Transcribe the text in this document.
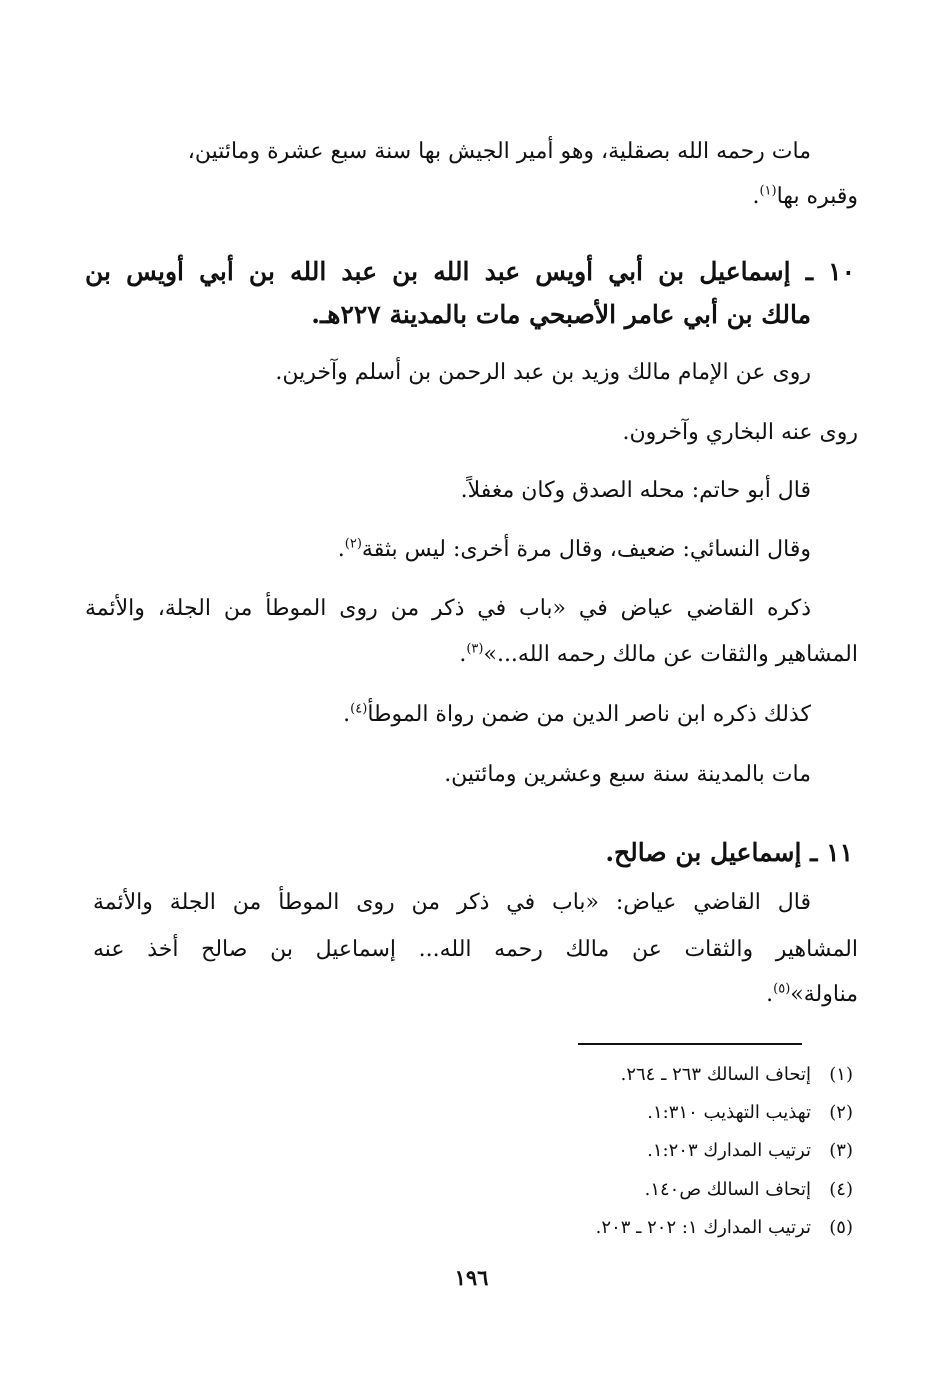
مات رحمه الله بصقلية، وهو أمير الجيش بها سنة سبع عشرة ومائتين،
وقبره بها$^{(١)}$.
١٠ ـ إسماعيل بن أبي أويس عبد الله بن عبد الله بن أبي أويس بن
مالك بن أبي عامر الأصبحي مات بالمدينة ٢٢٧هـ.
روى عن الإمام مالك وزيد بن عبد الرحمن بن أسلم وآخرين.
روى عنه البخاري وآخرون.
قال أبو حاتم: محله الصدق وكان مغفلاً.
وقال النسائي: ضعيف، وقال مرة أخرى: ليس بثقة$^{(٢)}$.
ذكره القاضي عياض في «باب في ذكر من روى الموطأ من الجلة، والأئمة
المشاهير والثقات عن مالك رحمه الله...»$^{(٣)}$.
كذلك ذكره ابن ناصر الدين من ضمن رواة الموطأ$^{(٤)}$.
مات بالمدينة سنة سبع وعشرين ومائتين.
١١ ـ إسماعيل بن صالح.
قال القاضي عياض: «باب في ذكر من روى الموطأ من الجلة والأئمة
المشاهير والثقات عن مالك رحمه الله... إسماعيل بن صالح أخذ عنه
مناولة»$^{(٥)}$.
(١)إتحاف السالك ٢٦٣ ـ ٢٦٤.
(٢)تهذيب التهذيب ١:٣١٠.
(٣)ترتيب المدارك ١:٢٠٣.
(٤)إتحاف السالك ص١٤٠.
(٥)ترتيب المدارك ١: ٢٠٢ ـ ٢٠٣.
١٩٦
